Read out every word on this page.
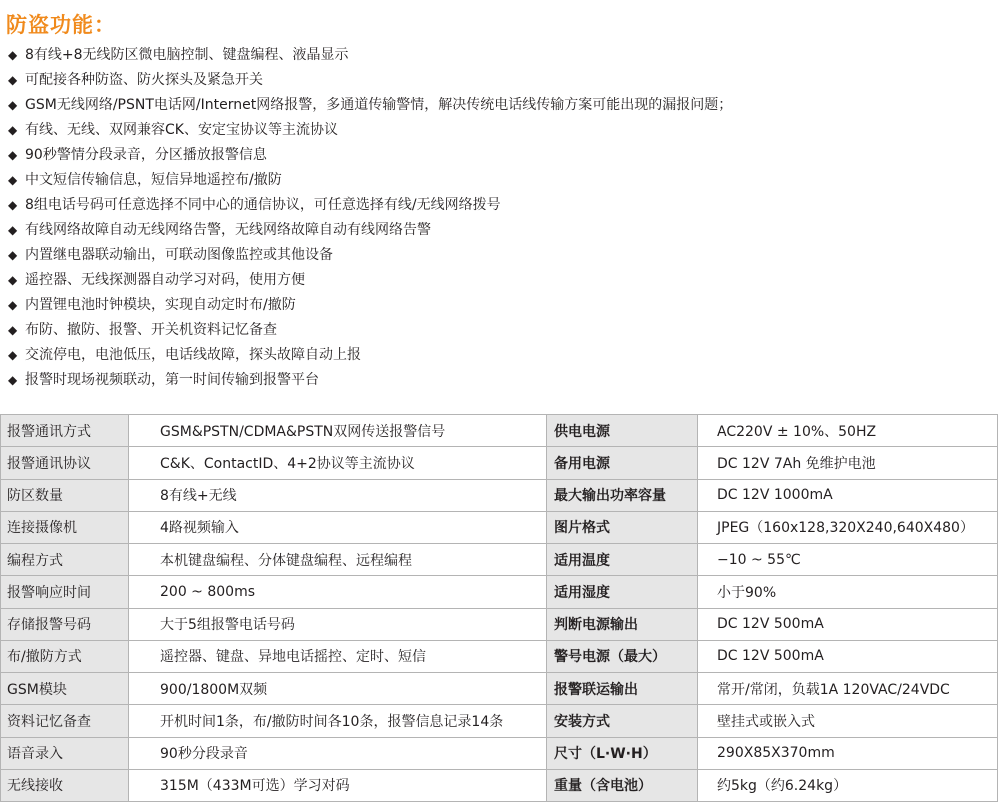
防盗功能：
◆ 8有线+8无线防区微电脑控制、键盘编程、液晶显示
◆ 可配接各种防盗、防火探头及紧急开关
◆ GSM无线网络/PSNT电话网/Internet网络报警，多通道传输警情，解决传统电话线传输方案可能出现的漏报问题；
◆ 有线、无线、双网兼容CK、安定宝协议等主流协议
◆ 90秒警情分段录音，分区播放报警信息
◆ 中文短信传输信息，短信异地遥控布/撤防
◆ 8组电话号码可任意选择不同中心的通信协议，可任意选择有线/无线网络拨号
◆ 有线网络故障自动无线网络告警，无线网络故障自动有线网络告警
◆ 内置继电器联动输出，可联动图像监控或其他设备
◆ 遥控器、无线探测器自动学习对码，使用方便
◆ 内置锂电池时钟模块，实现自动定时布/撤防
◆ 布防、撤防、报警、开关机资料记忆备查
◆ 交流停电，电池低压，电话线故障，探头故障自动上报
◆ 报警时现场视频联动，第一时间传输到报警平台
报警通讯方式	GSM&PSTN/CDMA&PSTN双网传送报警信号	供电电源	AC220V ± 10%、50HZ
报警通讯协议	C&K、ContactID、4+2协议等主流协议	备用电源	DC 12V 7Ah 免维护电池
防区数量	8有线+无线	最大输出功率容量	DC 12V 1000mA
连接摄像机	4路视频输入	图片格式	JPEG（160x128,320X240,640X480）
编程方式	本机键盘编程、分体键盘编程、远程编程	适用温度	−10 ~ 55℃
报警响应时间	200 ~ 800ms	适用湿度	小于90%
存储报警号码	大于5组报警电话号码	判断电源输出	DC 12V 500mA
布/撤防方式	遥控器、键盘、异地电话摇控、定时、短信	警号电源（最大）	DC 12V 500mA
GSM模块	900/1800M双频	报警联运输出	常开/常闭，负载1A 120VAC/24VDC
资料记忆备查	开机时间1条，布/撤防时间各10条，报警信息记录14条	安装方式	壁挂式或嵌入式
语音录入	90秒分段录音	尺寸（L·W·H）	290X85X370mm
无线接收	315M（433M可选）学习对码	重量（含电池）	约5kg（约6.24kg）
